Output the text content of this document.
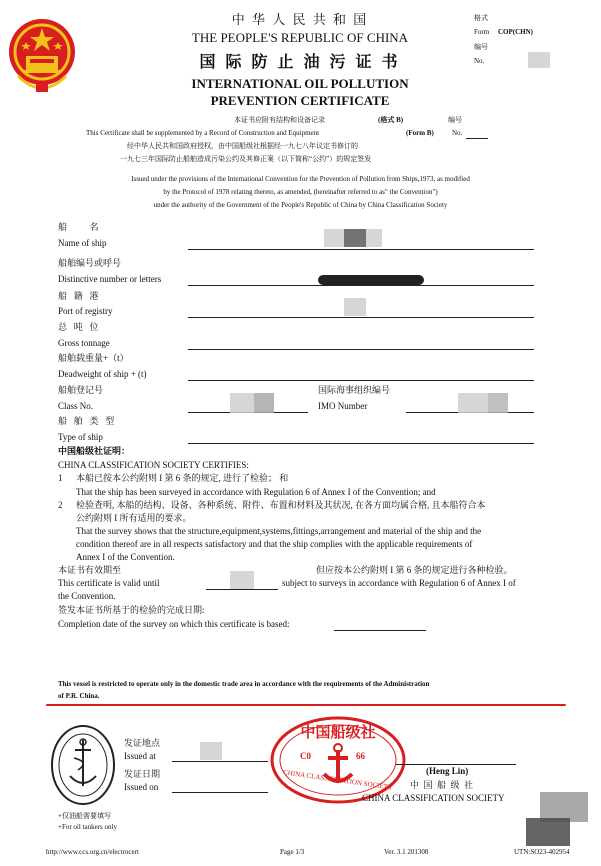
中 华 人 民 共 和 国
THE PEOPLE'S REPUBLIC OF CHINA
国 际 防 止 油 污 证 书
INTERNATIONAL OIL POLLUTION
PREVENTION CERTIFICATE
格式
Form COP(CHN)
编号
No.
本证书应附有结构和设备记录	(格式 B)	编号
This Certificate shall be supplemented by a Record of Construction and Equipment	(Form B)	No.
经中华人民共和国政府授权，由中国船级社根据经一九七八年议定书修订的
一九七三年国际防止船舶造成污染公约及其修正案（以下简称“公约”）的规定签发
Issued under the provisions of the International Convention for the Prevention of Pollution from Ships,1973, as modified
by the Protocol of 1978 relating thereto, as amended, (hereinafter referred to as" the Convention")
under the authority of the Government of the People's Republic of China by China Classification Society
船          名
Name of ship
船舶编号或呼号
Distinctive number or letters
船   籍   港
Port of registry
总   吨   位
Gross tonnage
船舶载重量+（t）
Deadweight of ship + (t)
船舶登记号
Class No.
国际海事组织编号
IMO Number
船   舶   类   型
Type of ship
中国船级社证明：
CHINA CLASSIFICATION SOCIETY CERTIFIES:
1 本船已按本公约附则 I 第 6 条的规定, 进行了检验； 和
That the ship has been surveyed in accordance with Regulation 6 of Annex I of the Convention; and
2 检验查明, 本船的结构、设备、各种系统、附件、布置和材料及其状况, 在各方面均属合格, 且本船符合本
公约附则 I 所有适用的要求。
That the survey shows that the structure,equipment,systems,fittings,arrangement and material of the ship and the
condition thereof are in all respects satisfactory and that the ship complies with the applicable requirements of
Annex I of the Convention.
本证书有效期至	但应按本公约附则 I 第 6 条的规定进行各种检验。
This certificate is valid until	subject to surveys in accordance with Regulation 6 of Annex I of
the Convention.
签发本证书所基于的检验的完成日期:
Completion date of the survey on which this certificate is based:
This vessel is restricted to operate only in the domestic trade area in accordance with the requirements of the Administration
of P.R. China.
发证地点
Issued at
发证日期
Issued on
中国船级社
C0	66
CHINA CLASSIFICATION SOCIETY	(Heng Lin)
中  国  船  级  社
CHINA CLASSIFICATION SOCIETY
+仅油船需要填写
+For oil tankers only
http://www.ccs.org.cn/electrocert	Page 1/3	Ver. 3.1 201308	UTN:SO23-402954
